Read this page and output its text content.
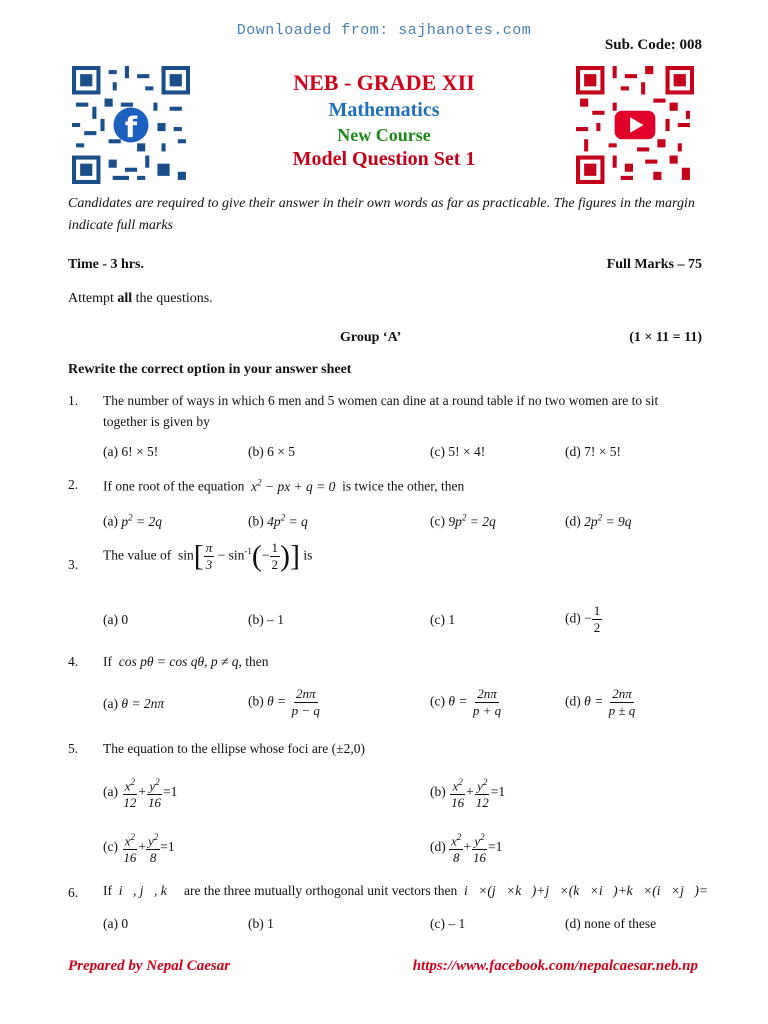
Downloaded from: sajhanotes.com
Sub. Code: 008
f
NEB - GRADE XII
Mathematics
New Course
Model Question Set 1
Candidates are required to give their answer in their own words as far as practicable. The figures in the margin indicate full marks
Time - 3 hrs.	Full Marks – 75
Attempt all the questions.
Group ‘A’	(1 × 11 = 11)
Rewrite the correct option in your answer sheet
1. The number of ways in which 6 men and 5 women can dine at a round table if no two women are to sit together is given by
(a) 6! × 5!	(b) 6 × 5	(c) 5! × 4!	(d) 7! × 5!
2. If one root of the equation $x^2$ − px + q = 0 is twice the other, then
(a) $p^2 = 2q$	(b) $4p^2 = q$	(c) $9p^2 = 2q$	(d) $2p^2 = 9q$
3.
The value of  $\sin[ \frac{\pi}{3} - \sin^{-1}(- \frac{1}{2}$ )] is
(a) 0	(b) – 1	(c) 1	$(d) - \frac{1}{2}$
4. If cos pθ = cos qθ, p ≠ q, then
(a) θ = 2nπ	(b) $\theta = \frac{2n\pi}{p - q}$	(c) $\theta = \frac{2n\pi}{p + q}$	(d) $\theta = \frac{2n\pi}{p \pm q}$
5. The equation to the ellipse whose foci are (±2,0)
$(a) \frac{x^2}{12} + \frac{y^2}{16} =1$	$(b) \frac{x^2}{16} + \frac{y^2}{12} =1$
$(c) \frac{x^2}{16} + \frac{y^2}{8} =1$	$(d) \frac{x^2}{8} + \frac{y^2}{16} =1$
6. If i⃗, j⃗, k⃗ are the three mutually orthogonal unit vectors then i⃗×(j⃗×k⃗)+j⃗×(k⃗×i⃗)+k⃗×(i⃗×j⃗)=
(a) 0	(b) 1	(c) – 1	(d) none of these
Prepared by Nepal Caesar	https://www.facebook.com/nepalcaesar.neb.np
